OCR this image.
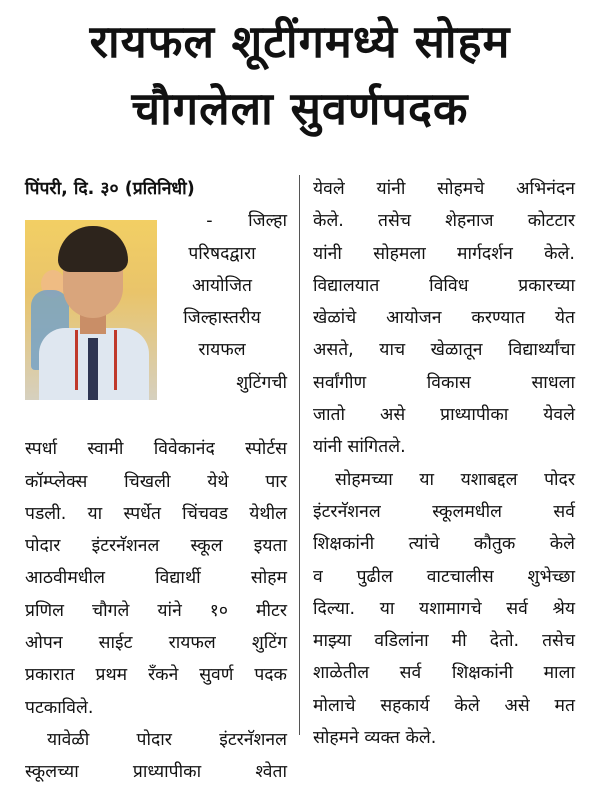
रायफल शूटींगमध्ये सोहम
चौगलेला सुवर्णपदक
पिंपरी, दि. ३० (प्रतिनिधी)
- जिल्हा
परिषदद्वारा
आयोजित
जिल्हास्तरीय
रायफल
शुटिंगची
स्पर्धा स्वामी विवेकानंद स्पोर्टस
कॉम्प्लेक्स चिखली येथे पार
पडली. या स्पर्धेत चिंचवड येथील
पोदार इंटरनॅशनल स्कूल इयता
आठवीमधील विद्यार्थी सोहम
प्रणिल चौगले यांने १० मीटर
ओपन साईट रायफल शुटिंग
प्रकारात प्रथम रँकने सुवर्ण पदक
पटकाविले.
यावेळी पोदार इंटरनॅशनल
स्कूलच्या प्राध्यापीका श्वेता
येवले यांनी सोहमचे अभिनंदन
केले. तसेच शेहनाज कोटटार
यांनी सोहमला मार्गदर्शन केले.
विद्यालयात विविध प्रकारच्या
खेळांचे आयोजन करण्यात येत
असते, याच खेळातून विद्यार्थ्यांचा
सर्वांगीण विकास साधला
जातो असे प्राध्यापीका येवले
यांनी सांगितले.
सोहमच्या या यशाबद्दल पोदर
इंटरनॅशनल स्कूलमधील सर्व
शिक्षकांनी त्यांचे कौतुक केले
व पुढील वाटचालीस शुभेच्छा
दिल्या. या यशामागचे सर्व श्रेय
माझ्या वडिलांना मी देतो. तसेच
शाळेतील सर्व शिक्षकांनी माला
मोलाचे सहकार्य केले असे मत
सोहमने व्यक्त केले.
